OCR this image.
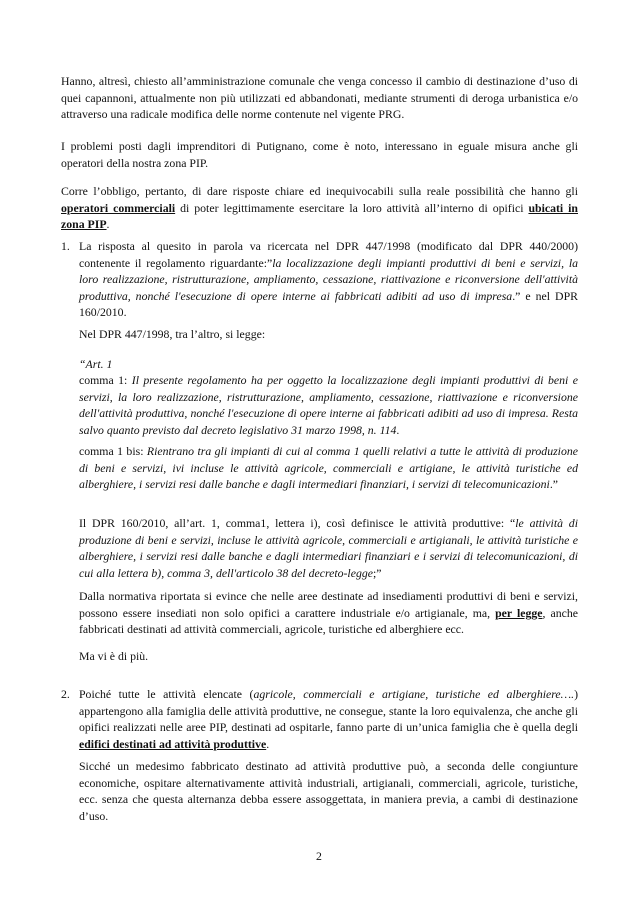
Hanno, altresì, chiesto all’amministrazione comunale che venga concesso il cambio di destinazione d’uso di quei capannoni, attualmente non più utilizzati ed abbandonati, mediante strumenti di deroga urbanistica e/o attraverso una radicale modifica delle norme contenute nel vigente PRG.

I problemi posti dagli imprenditori di Putignano, come è noto, interessano in eguale misura anche gli operatori della nostra zona PIP.

Corre l’obbligo, pertanto, di dare risposte chiare ed inequivocabili sulla reale possibilità che hanno gli operatori commerciali di poter legittimamente esercitare la loro attività all’interno di opifici ubicati in zona PIP.

1. La risposta al quesito in parola va ricercata nel DPR 447/1998 (modificato dal DPR 440/2000) contenente il regolamento riguardante:”la localizzazione degli impianti produttivi di beni e servizi, la loro realizzazione, ristrutturazione, ampliamento, cessazione, riattivazione e riconversione dell'attività produttiva, nonché l'esecuzione di opere interne ai fabbricati adibiti ad uso di impresa.” e nel DPR 160/2010.

Nel DPR 447/1998, tra l’altro, si legge:

“Art. 1

comma 1: Il presente regolamento ha per oggetto la localizzazione degli impianti produttivi di beni e servizi, la loro realizzazione, ristrutturazione, ampliamento, cessazione, riattivazione e riconversione dell'attività produttiva, nonché l'esecuzione di opere interne ai fabbricati adibiti ad uso di impresa. Resta salvo quanto previsto dal decreto legislativo 31 marzo 1998, n. 114.

comma 1 bis: Rientrano tra gli impianti di cui al comma 1 quelli relativi a tutte le attività di produzione di beni e servizi, ivi incluse le attività agricole, commerciali e artigiane, le attività turistiche ed alberghiere, i servizi resi dalle banche e dagli intermediari finanziari, i servizi di telecomunicazioni.”

Il DPR 160/2010, all’art. 1, comma1, lettera i), così definisce le attività produttive: “le attività di produzione di beni e servizi, incluse le attività agricole, commerciali e artigianali, le attività turistiche e alberghiere, i servizi resi dalle banche e dagli intermediari finanziari e i servizi di telecomunicazioni, di cui alla lettera b), comma 3, dell'articolo 38 del decreto-legge;”

Dalla normativa riportata si evince che nelle aree destinate ad insediamenti produttivi di beni e servizi, possono essere insediati non solo opifici a carattere industriale e/o artigianale, ma, per legge, anche fabbricati destinati ad attività commerciali, agricole, turistiche ed alberghiere ecc.

Ma vi è di più.

2. Poiché tutte le attività elencate (agricole, commerciali e artigiane, turistiche ed alberghiere….) appartengono alla famiglia delle attività produttive, ne consegue, stante la loro equivalenza, che anche gli opifici realizzati nelle aree PIP, destinati ad ospitarle, fanno parte di un’unica famiglia che è quella degli edifici destinati ad attività produttive.

Sicché un medesimo fabbricato destinato ad attività produttive può, a seconda delle congiunture economiche, ospitare alternativamente attività industriali, artigianali, commerciali, agricole, turistiche, ecc. senza che questa alternanza debba essere assoggettata, in maniera previa, a cambi di destinazione d’uso.

2
